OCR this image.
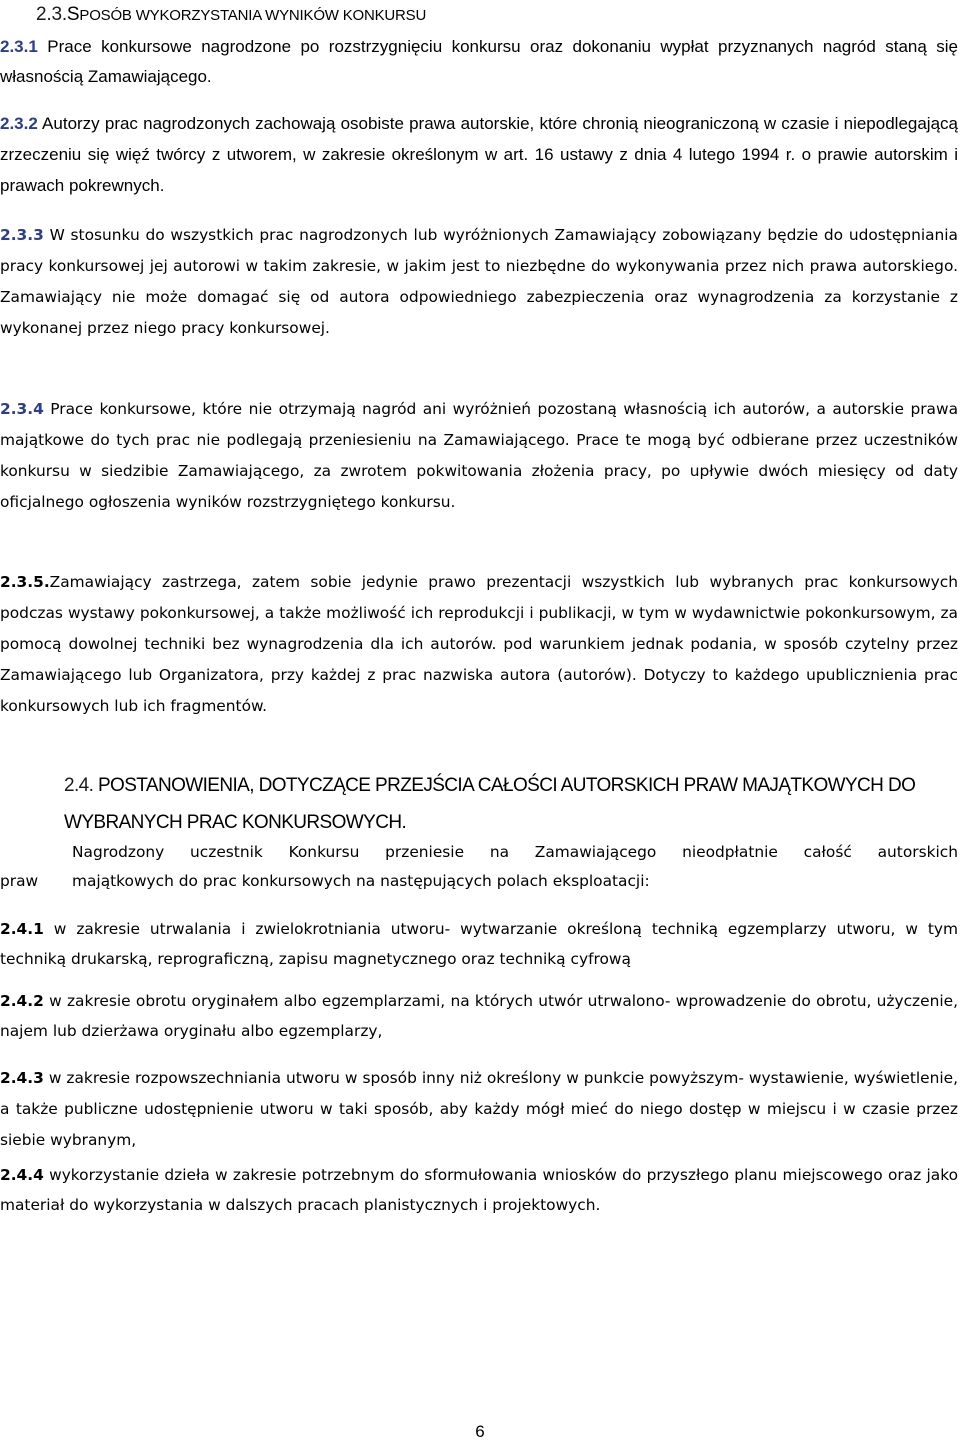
2.3.SPOSÓB WYKORZYSTANIA WYNIKÓW KONKURSU
2.3.1 Prace konkursowe nagrodzone po rozstrzygnięciu konkursu oraz dokonaniu wypłat przyznanych nagród staną się własnością Zamawiającego.
2.3.2 Autorzy prac nagrodzonych zachowają osobiste prawa autorskie, które chronią nieograniczoną w czasie i niepodlegającą zrzeczeniu się więź twórcy z utworem, w zakresie określonym w art. 16 ustawy z dnia 4 lutego 1994 r. o prawie autorskim i prawach pokrewnych.
2.3.3 W stosunku do wszystkich prac nagrodzonych lub wyróżnionych Zamawiający zobowiązany będzie do udostępniania pracy konkursowej jej autorowi w takim zakresie, w jakim jest to niezbędne do wykonywania przez nich prawa autorskiego. Zamawiający nie może domagać się od autora odpowiedniego zabezpieczenia oraz wynagrodzenia za korzystanie z wykonanej przez niego pracy konkursowej.
2.3.4 Prace konkursowe, które nie otrzymają nagród ani wyróżnień pozostaną własnością ich autorów, a autorskie prawa majątkowe do tych prac nie podlegają przeniesieniu na Zamawiającego. Prace te mogą być odbierane przez uczestników konkursu w siedzibie Zamawiającego, za zwrotem pokwitowania złożenia pracy, po upływie dwóch miesięcy od daty oficjalnego ogłoszenia wyników rozstrzygniętego konkursu.
2.3.5.Zamawiający zastrzega, zatem sobie jedynie prawo prezentacji wszystkich lub wybranych prac konkursowych podczas wystawy pokonkursowej, a także możliwość ich reprodukcji i publikacji, w tym w wydawnictwie pokonkursowym, za pomocą dowolnej techniki bez wynagrodzenia dla ich autorów. pod warunkiem jednak podania, w sposób czytelny przez Zamawiającego lub Organizatora, przy każdej z prac nazwiska autora (autorów). Dotyczy to każdego upublicznienia prac konkursowych lub ich fragmentów.
2.4. POSTANOWIENIA, DOTYCZĄCE PRZEJŚCIA CAŁOŚCI AUTORSKICH PRAW MAJĄTKOWYCH DO WYBRANYCH PRAC KONKURSOWYCH.
Nagrodzony uczestnik Konkursu przeniesie na Zamawiającego nieodpłatnie całość autorskich
praw majątkowych do prac konkursowych na następujących polach eksploatacji:
2.4.1 w zakresie utrwalania i zwielokrotniania utworu- wytwarzanie określoną techniką egzemplarzy utworu, w tym techniką drukarską, reprograficzną, zapisu magnetycznego oraz techniką cyfrową
2.4.2 w zakresie obrotu oryginałem albo egzemplarzami, na których utwór utrwalono- wprowadzenie do obrotu, użyczenie, najem lub dzierżawa oryginału albo egzemplarzy,
2.4.3 w zakresie rozpowszechniania utworu w sposób inny niż określony w punkcie powyższym- wystawienie, wyświetlenie, a także publiczne udostępnienie utworu w taki sposób, aby każdy mógł mieć do niego dostęp w miejscu i w czasie przez siebie wybranym,
2.4.4 wykorzystanie dzieła w zakresie potrzebnym do sformułowania wniosków do przyszłego planu miejscowego oraz jako materiał do wykorzystania w dalszych pracach planistycznych i projektowych.
6
